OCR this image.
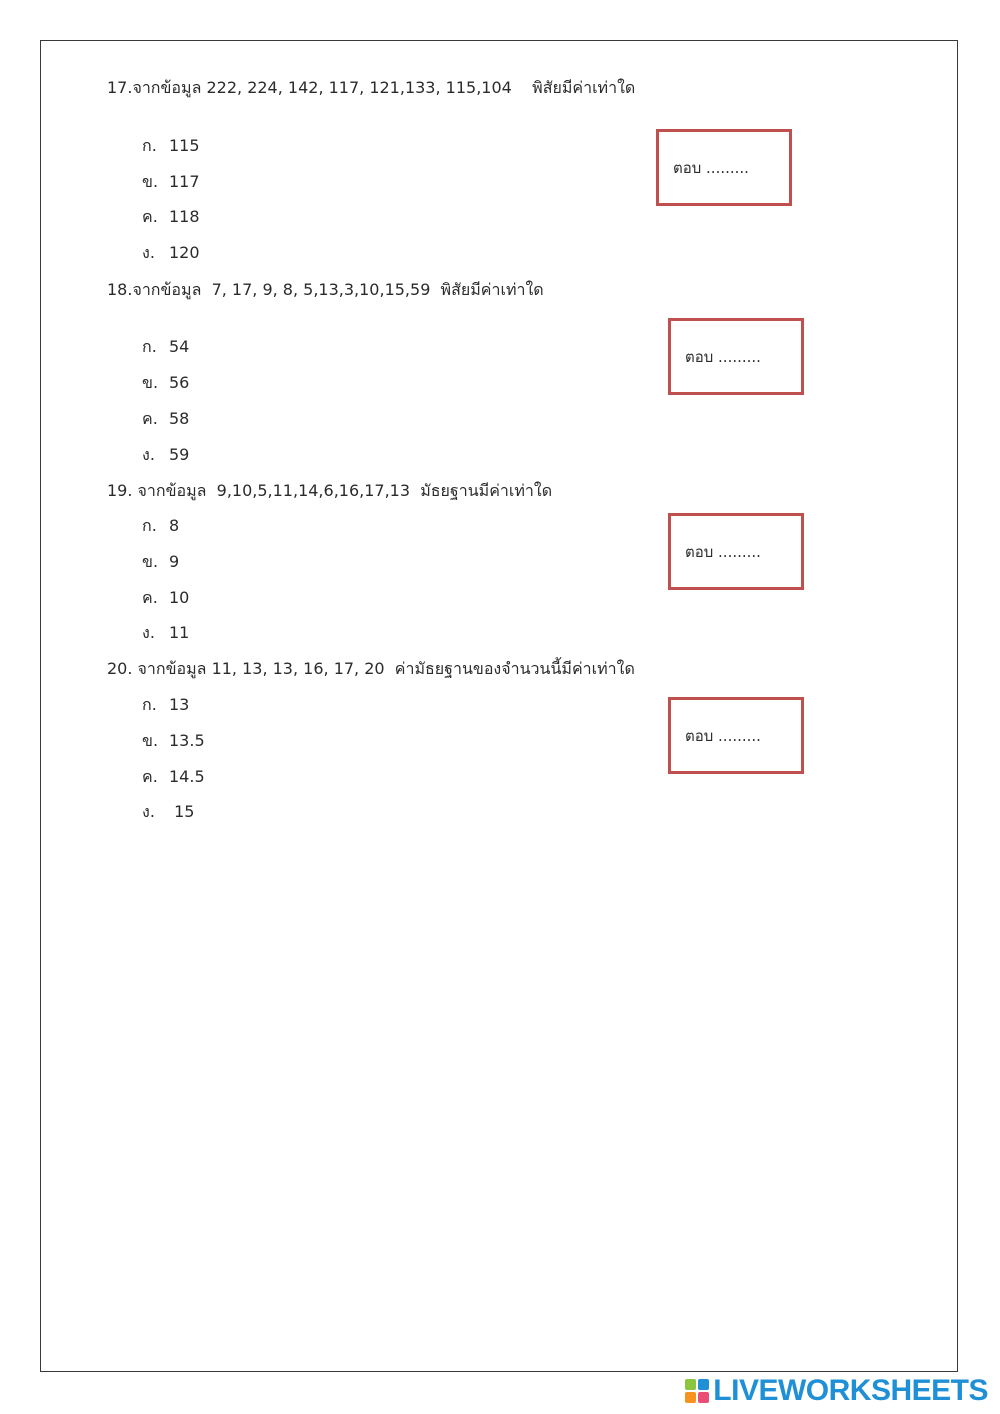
17.จากข้อมูล 222, 224, 142, 117, 121,133, 115,104    พิสัยมีค่าเท่าใด
ก. 115
ข. 117
ค. 118
ง. 120
ตอบ .........
18.จากข้อมูล  7, 17, 9, 8, 5,13,3,10,15,59  พิสัยมีค่าเท่าใด
ก. 54
ข. 56
ค. 58
ง. 59
ตอบ .........
19. จากข้อมูล  9,10,5,11,14,6,16,17,13  มัธยฐานมีค่าเท่าใด
ก. 8
ข. 9
ค. 10
ง. 11
ตอบ .........
20. จากข้อมูล 11, 13, 13, 16, 17, 20  ค่ามัธยฐานของจำนวนนี้มีค่าเท่าใด
ก. 13
ข. 13.5
ค. 14.5
ง. 15
ตอบ .........
LIVEWORKSHEETS
